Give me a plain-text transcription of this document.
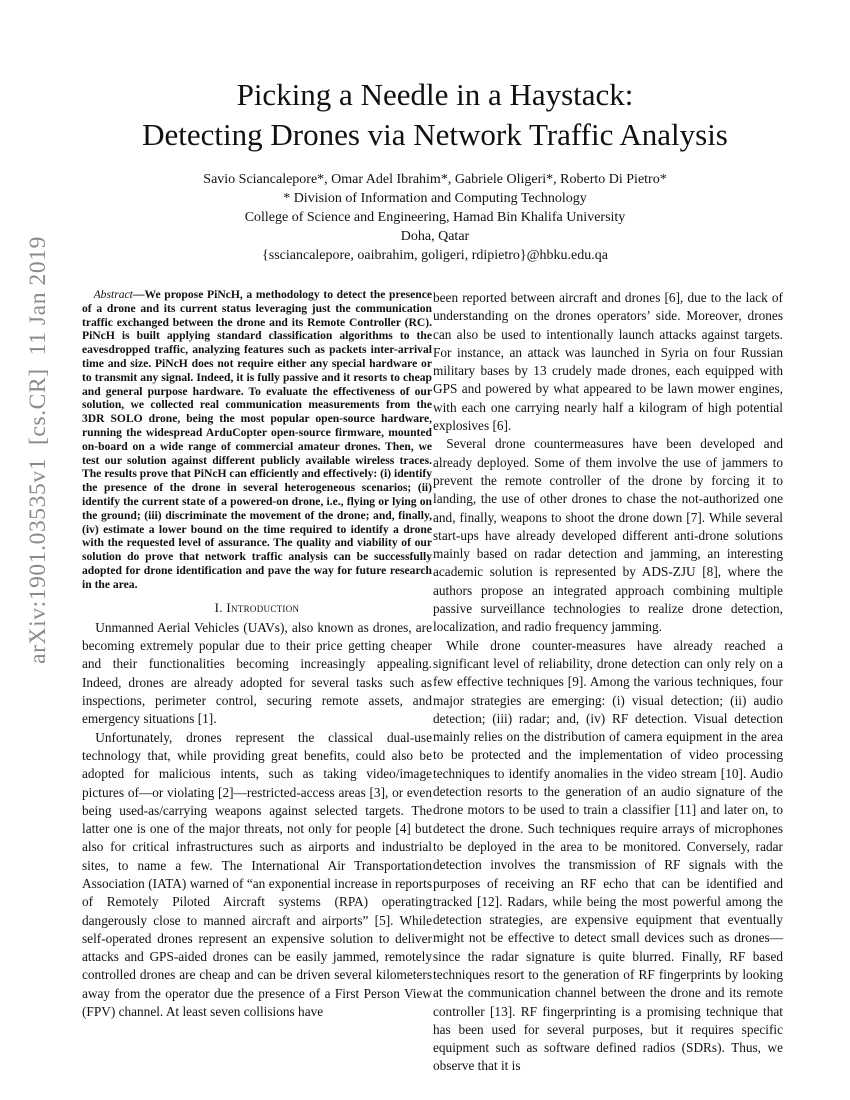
arXiv:1901.03535v1  [cs.CR]  11 Jan 2019
Picking a Needle in a Haystack:
Detecting Drones via Network Traffic Analysis
Savio Sciancalepore*, Omar Adel Ibrahim*, Gabriele Oligeri*, Roberto Di Pietro*
* Division of Information and Computing Technology
College of Science and Engineering, Hamad Bin Khalifa University
Doha, Qatar
{ssciancalepore, oaibrahim, goligeri, rdipietro}@hbku.edu.qa

Abstract—We propose PiNcH, a methodology to detect the presence of a drone and its current status leveraging just the communication traffic exchanged between the drone and its Remote Controller (RC). PiNcH is built applying standard classification algorithms to the eavesdropped traffic, analyzing features such as packets inter-arrival time and size. PiNcH does not require either any special hardware or to transmit any signal. Indeed, it is fully passive and it resorts to cheap and general purpose hardware. To evaluate the effectiveness of our solution, we collected real communication measurements from the 3DR SOLO drone, being the most popular open-source hardware, running the widespread ArduCopter open-source firmware, mounted on-board on a wide range of commercial amateur drones. Then, we test our solution against different publicly available wireless traces. The results prove that PiNcH can efficiently and effectively: (i) identify the presence of the drone in several heterogeneous scenarios; (ii) identify the current state of a powered-on drone, i.e., flying or lying on the ground; (iii) discriminate the movement of the drone; and, finally, (iv) estimate a lower bound on the time required to identify a drone with the requested level of assurance. The quality and viability of our solution do prove that network traffic analysis can be successfully adopted for drone identification and pave the way for future research in the area.

I. Introduction

Unmanned Aerial Vehicles (UAVs), also known as drones, are becoming extremely popular due to their price getting cheaper and their functionalities becoming increasingly appealing. Indeed, drones are already adopted for several tasks such as inspections, perimeter control, securing remote assets, and emergency situations [1].

Unfortunately, drones represent the classical dual-use technology that, while providing great benefits, could also be adopted for malicious intents, such as taking video/image pictures of—or violating [2]—restricted-access areas [3], or even being used-as/carrying weapons against selected targets. The latter one is one of the major threats, not only for people [4] but also for critical infrastructures such as airports and industrial sites, to name a few. The International Air Transportation Association (IATA) warned of “an exponential increase in reports of Remotely Piloted Aircraft systems (RPA) operating dangerously close to manned aircraft and airports” [5]. While self-operated drones represent an expensive solution to deliver attacks and GPS-aided drones can be easily jammed, remotely controlled drones are cheap and can be driven several kilometers away from the operator due the presence of a First Person View (FPV) channel. At least seven collisions have

been reported between aircraft and drones [6], due to the lack of understanding on the drones operators’ side. Moreover, drones can also be used to intentionally launch attacks against targets. For instance, an attack was launched in Syria on four Russian military bases by 13 crudely made drones, each equipped with GPS and powered by what appeared to be lawn mower engines, with each one carrying nearly half a kilogram of high potential explosives [6].

Several drone countermeasures have been developed and already deployed. Some of them involve the use of jammers to prevent the remote controller of the drone by forcing it to landing, the use of other drones to chase the not-authorized one and, finally, weapons to shoot the drone down [7]. While several start-ups have already developed different anti-drone solutions mainly based on radar detection and jamming, an interesting academic solution is represented by ADS-ZJU [8], where the authors propose an integrated approach combining multiple passive surveillance technologies to realize drone detection, localization, and radio frequency jamming.

While drone counter-measures have already reached a significant level of reliability, drone detection can only rely on a few effective techniques [9]. Among the various techniques, four major strategies are emerging: (i) visual detection; (ii) audio detection; (iii) radar; and, (iv) RF detection. Visual detection mainly relies on the distribution of camera equipment in the area to be protected and the implementation of video processing techniques to identify anomalies in the video stream [10]. Audio detection resorts to the generation of an audio signature of the drone motors to be used to train a classifier [11] and later on, to detect the drone. Such techniques require arrays of microphones to be deployed in the area to be monitored. Conversely, radar detection involves the transmission of RF signals with the purposes of receiving an RF echo that can be identified and tracked [12]. Radars, while being the most powerful among the detection strategies, are expensive equipment that eventually might not be effective to detect small devices such as drones—since the radar signature is quite blurred. Finally, RF based techniques resort to the generation of RF fingerprints by looking at the communication channel between the drone and its remote controller [13]. RF fingerprinting is a promising technique that has been used for several purposes, but it requires specific equipment such as software defined radios (SDRs). Thus, we observe that it is
